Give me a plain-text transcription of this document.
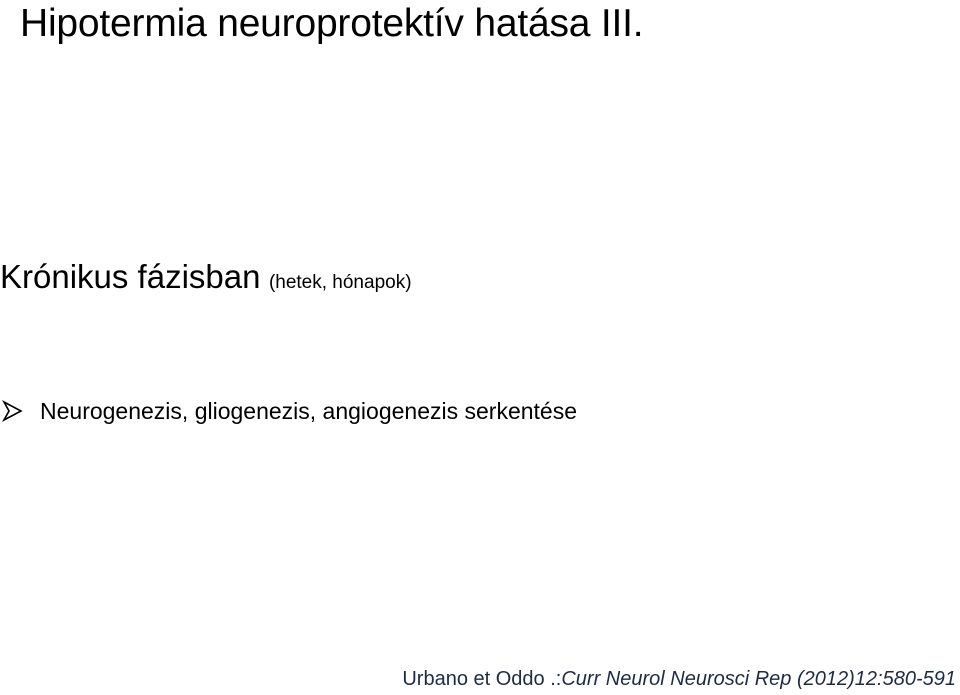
Hipotermia neuroprotektív hatása III.
Krónikus fázisban (hetek, hónapok)
Neurogenezis, gliogenezis, angiogenezis serkentése
Urbano et Oddo .:Curr Neurol Neurosci Rep (2012)12:580-591
